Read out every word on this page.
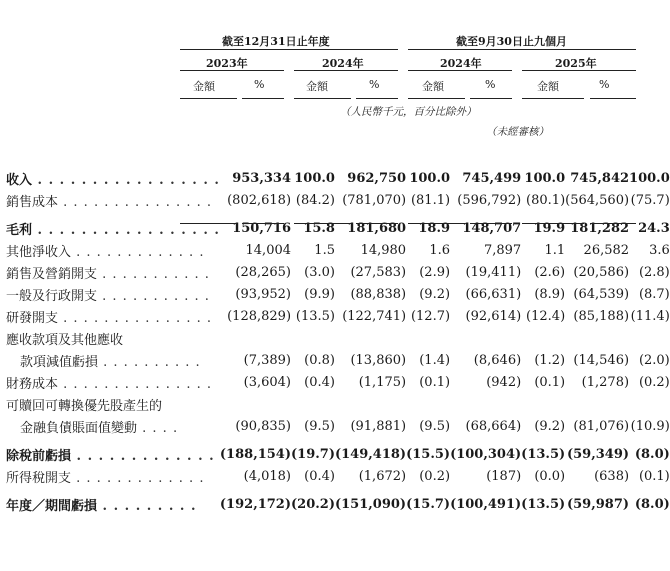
截至12月31日止年度	截至9月30日止九個月
2023年	2024年	2024年	2025年
金額	%	金額	%	金額	%	金額	%
（人民幣千元，百分比除外）
（未經審核）
收入 . . . . . . . . . . . . . . . . .	953,334	100.0	962,750	100.0	745,499	100.0	745,842	100.0
銷售成本 . . . . . . . . . . . . . . .	(802,618)	(84.2)	(781,070)	(81.1)	(596,792)	(80.1)	(564,560)	(75.7)
毛利 . . . . . . . . . . . . . . . . .	150,716	15.8	181,680	18.9	148,707	19.9	181,282	24.3
其他淨收入 . . . . . . . . . . . . .	14,004	1.5	14,980	1.6	7,897	1.1	26,582	3.6
銷售及營銷開支 . . . . . . . . . . .	(28,265)	(3.0)	(27,583)	(2.9)	(19,411)	(2.6)	(20,586)	(2.8)
一般及行政開支 . . . . . . . . . . .	(93,952)	(9.9)	(88,838)	(9.2)	(66,631)	(8.9)	(64,539)	(8.7)
研發開支 . . . . . . . . . . . . . . .	(128,829)	(13.5)	(122,741)	(12.7)	(92,614)	(12.4)	(85,188)	(11.4)
應收款項及其他應收								
款項減值虧損 . . . . . . . . . .	(7,389)	(0.8)	(13,860)	(1.4)	(8,646)	(1.2)	(14,546)	(2.0)
財務成本 . . . . . . . . . . . . . . .	(3,604)	(0.4)	(1,175)	(0.1)	(942)	(0.1)	(1,278)	(0.2)
可贖回可轉換優先股產生的								
金融負債賬面值變動 . . . .	(90,835)	(9.5)	(91,881)	(9.5)	(68,664)	(9.2)	(81,076)	(10.9)
除稅前虧損 . . . . . . . . . . . . .	(188,154)	(19.7)	(149,418)	(15.5)	(100,304)	(13.5)	(59,349)	(8.0)
所得稅開支 . . . . . . . . . . . . .	(4,018)	(0.4)	(1,672)	(0.2)	(187)	(0.0)	(638)	(0.1)
年度／期間虧損 . . . . . . . . .	(192,172)	(20.2)	(151,090)	(15.7)	(100,491)	(13.5)	(59,987)	(8.0)
